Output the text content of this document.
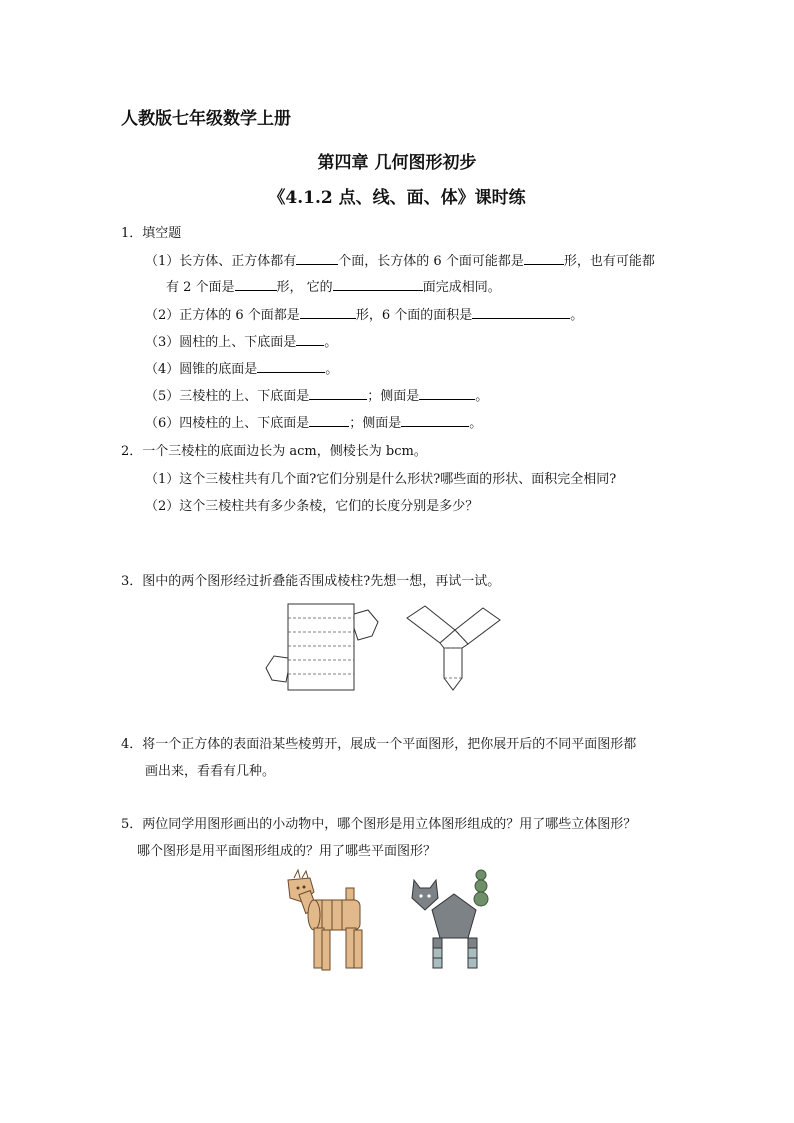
人教版七年级数学上册
第四章 几何图形初步
《4.1.2 点、线、面、体》课时练
1．填空题
（1）长方体、正方体都有	个面，长方体的 6 个面可能都是	形，也有可能都
有 2 个面是	形， 它的	面完成相同。
（2）正方体的 6 个面都是	形，6 个面的面积是	。
（3）圆柱的上、下底面是 。
（4）圆锥的底面是	。
（5）三棱柱的上、下底面是	；侧面是	。
（6）四棱柱的上、下底面是	；侧面是	。
2．一个三棱柱的底面边长为 acm，侧棱长为 bcm。
（1）这个三棱柱共有几个面?它们分别是什么形状?哪些面的形状、面积完全相同?
（2）这个三棱柱共有多少条棱，它们的长度分别是多少？
3．图中的两个图形经过折叠能否围成棱柱?先想一想，再试一试。
4．将一个正方体的表面沿某些棱剪开，展成一个平面图形，把你展开后的不同平面图形都
画出来，看看有几种。
5．两位同学用图形画出的小动物中，哪个图形是用立体图形组成的？用了哪些立体图形？
哪个图形是用平面图形组成的？用了哪些平面图形？
